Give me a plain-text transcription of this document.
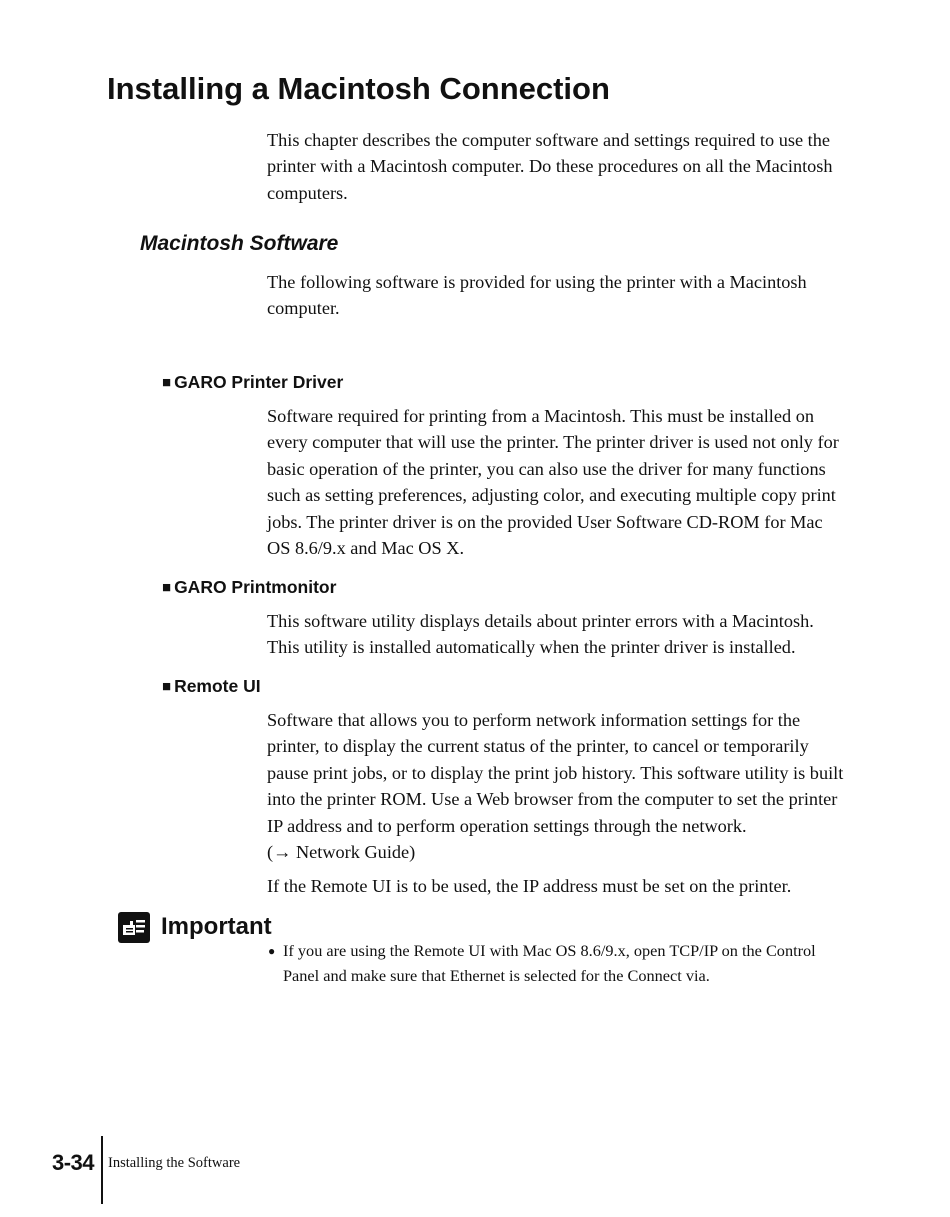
Installing a Macintosh Connection
This chapter describes the computer software and settings required to use the printer with a Macintosh computer. Do these procedures on all the Macintosh computers.
Macintosh Software
The following software is provided for using the printer with a Macintosh computer.
■ GARO Printer Driver
Software required for printing from a Macintosh. This must be installed on every computer that will use the printer. The printer driver is used not only for basic operation of the printer, you can also use the driver for many functions such as setting preferences, adjusting color, and executing multiple copy print jobs. The printer driver is on the provided User Software CD-ROM for Mac OS 8.6/9.x and Mac OS X.
■ GARO Printmonitor
This software utility displays details about printer errors with a Macintosh. This utility is installed automatically when the printer driver is installed.
■ Remote UI
Software that allows you to perform network information settings for the printer, to display the current status of the printer, to cancel or temporarily pause print jobs, or to display the print job history. This software utility is built into the printer ROM. Use a Web browser from the computer to set the printer IP address and to perform operation settings through the network.
(→ Network Guide)
If the Remote UI is to be used, the IP address must be set on the printer.
Important
● If you are using the Remote UI with Mac OS 8.6/9.x, open TCP/IP on the Control Panel and make sure that Ethernet is selected for the Connect via.
3-34 Installing the Software
